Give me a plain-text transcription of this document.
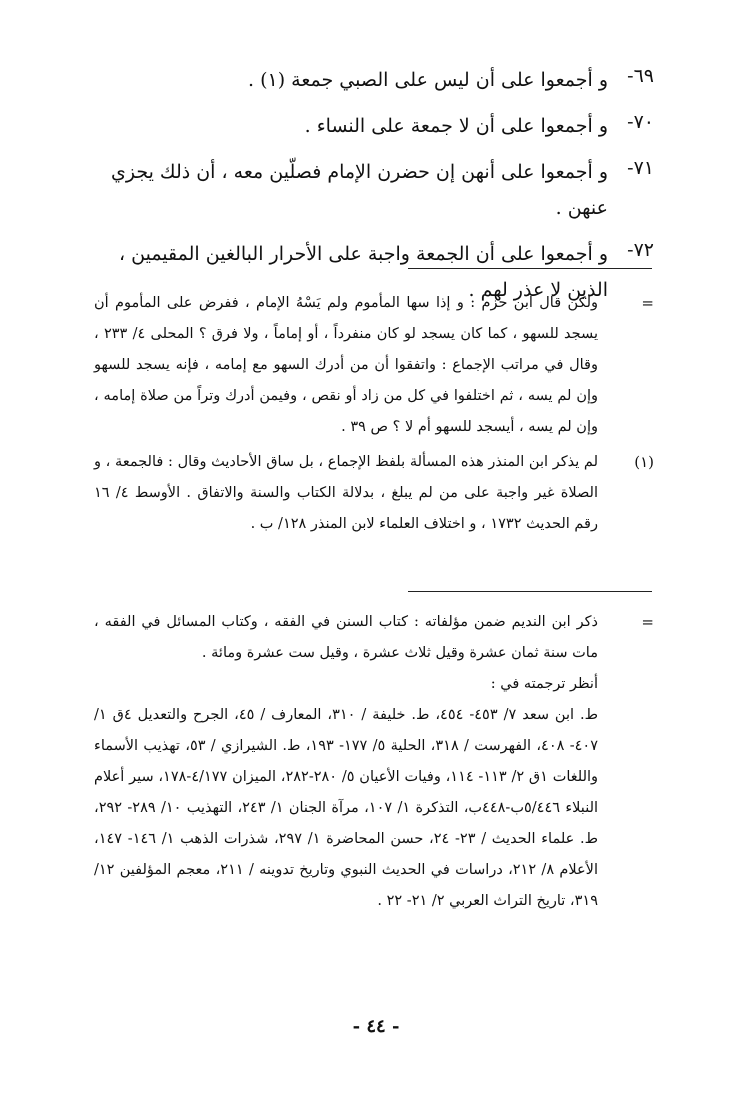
٦٩-
و أجمعوا على أن ليس على الصبي جمعة (١) .
٧٠-
و أجمعوا على أن لا جمعة على النساء .
٧١-
و أجمعوا على أنهن إن حضرن الإمام فصلّين معه ، أن ذلك يجزي عنهن .
٧٢-
و أجمعوا على أن الجمعة واجبة على الأحرار البالغين المقيمين ، الذين لا عذر لهم .
=
ولكن قال ابن حزم : و إذا سها المأموم ولم يَسْهُ الإمام ، ففرض على المأموم أن يسجد للسهو ، كما كان يسجد لو كان منفرداً ، أو إماماً ، ولا فرق ؟ المحلى ٤/ ٢٣٣ ، وقال في مراتب الإجماع : واتفقوا أن من أدرك السهو مع إمامه ، فإنه يسجد للسهو وإن لم يسه ، ثم اختلفوا في كل من زاد أو نقص ، وفيمن أدرك وتراً من صلاة إمامه ، وإن لم يسه ، أيسجد للسهو أم لا ؟ ص ٣٩ .
(١)
لم يذكر ابن المنذر هذه المسألة بلفظ الإجماع ، بل ساق الأحاديث وقال : فالجمعة ، و الصلاة غير واجبة على من لم يبلغ ، بدلالة الكتاب والسنة والاتفاق . الأوسط ٤/ ١٦ رقم الحديث ١٧٣٢ ، و اختلاف العلماء لابن المنذر ١٢٨/ ب .
=
ذكر ابن النديم ضمن مؤلفاته : كتاب السنن في الفقه ، وكتاب المسائل في الفقه ، مات سنة ثمان عشرة وقيل ثلاث عشرة ، وقيل ست عشرة ومائة .
أنظر ترجمته في :
ط. ابن سعد ٧/ ٤٥٣- ٤٥٤، ط. خليفة / ٣١٠، المعارف / ٤٥، الجرح والتعديل ٤ق ١/ ٤٠٧- ٤٠٨، الفهرست / ٣١٨، الحلية ٥/ ١٧٧- ١٩٣، ط. الشيرازي / ٥٣، تهذيب الأسماء واللغات ١ق ٢/ ١١٣- ١١٤، وفيات الأعيان ٥/ ٢٨٠-٢٨٢، الميزان ٤/١٧٧-١٧٨، سير أعلام النبلاء ٥/٤٤٦ب-٤٤٨ب، التذكرة ١/ ١٠٧، مرآة الجنان ١/ ٢٤٣، التهذيب ١٠/ ٢٨٩- ٢٩٢، ط. علماء الحديث / ٢٣- ٢٤، حسن المحاضرة ١/ ٢٩٧، شذرات الذهب ١/ ١٤٦- ١٤٧، الأعلام ٨/ ٢١٢، دراسات في الحديث النبوي وتاريخ تدوينه / ٢١١، معجم المؤلفين ١٢/ ٣١٩، تاريخ التراث العربي ٢/ ٢١- ٢٢ .
- ٤٤ -
